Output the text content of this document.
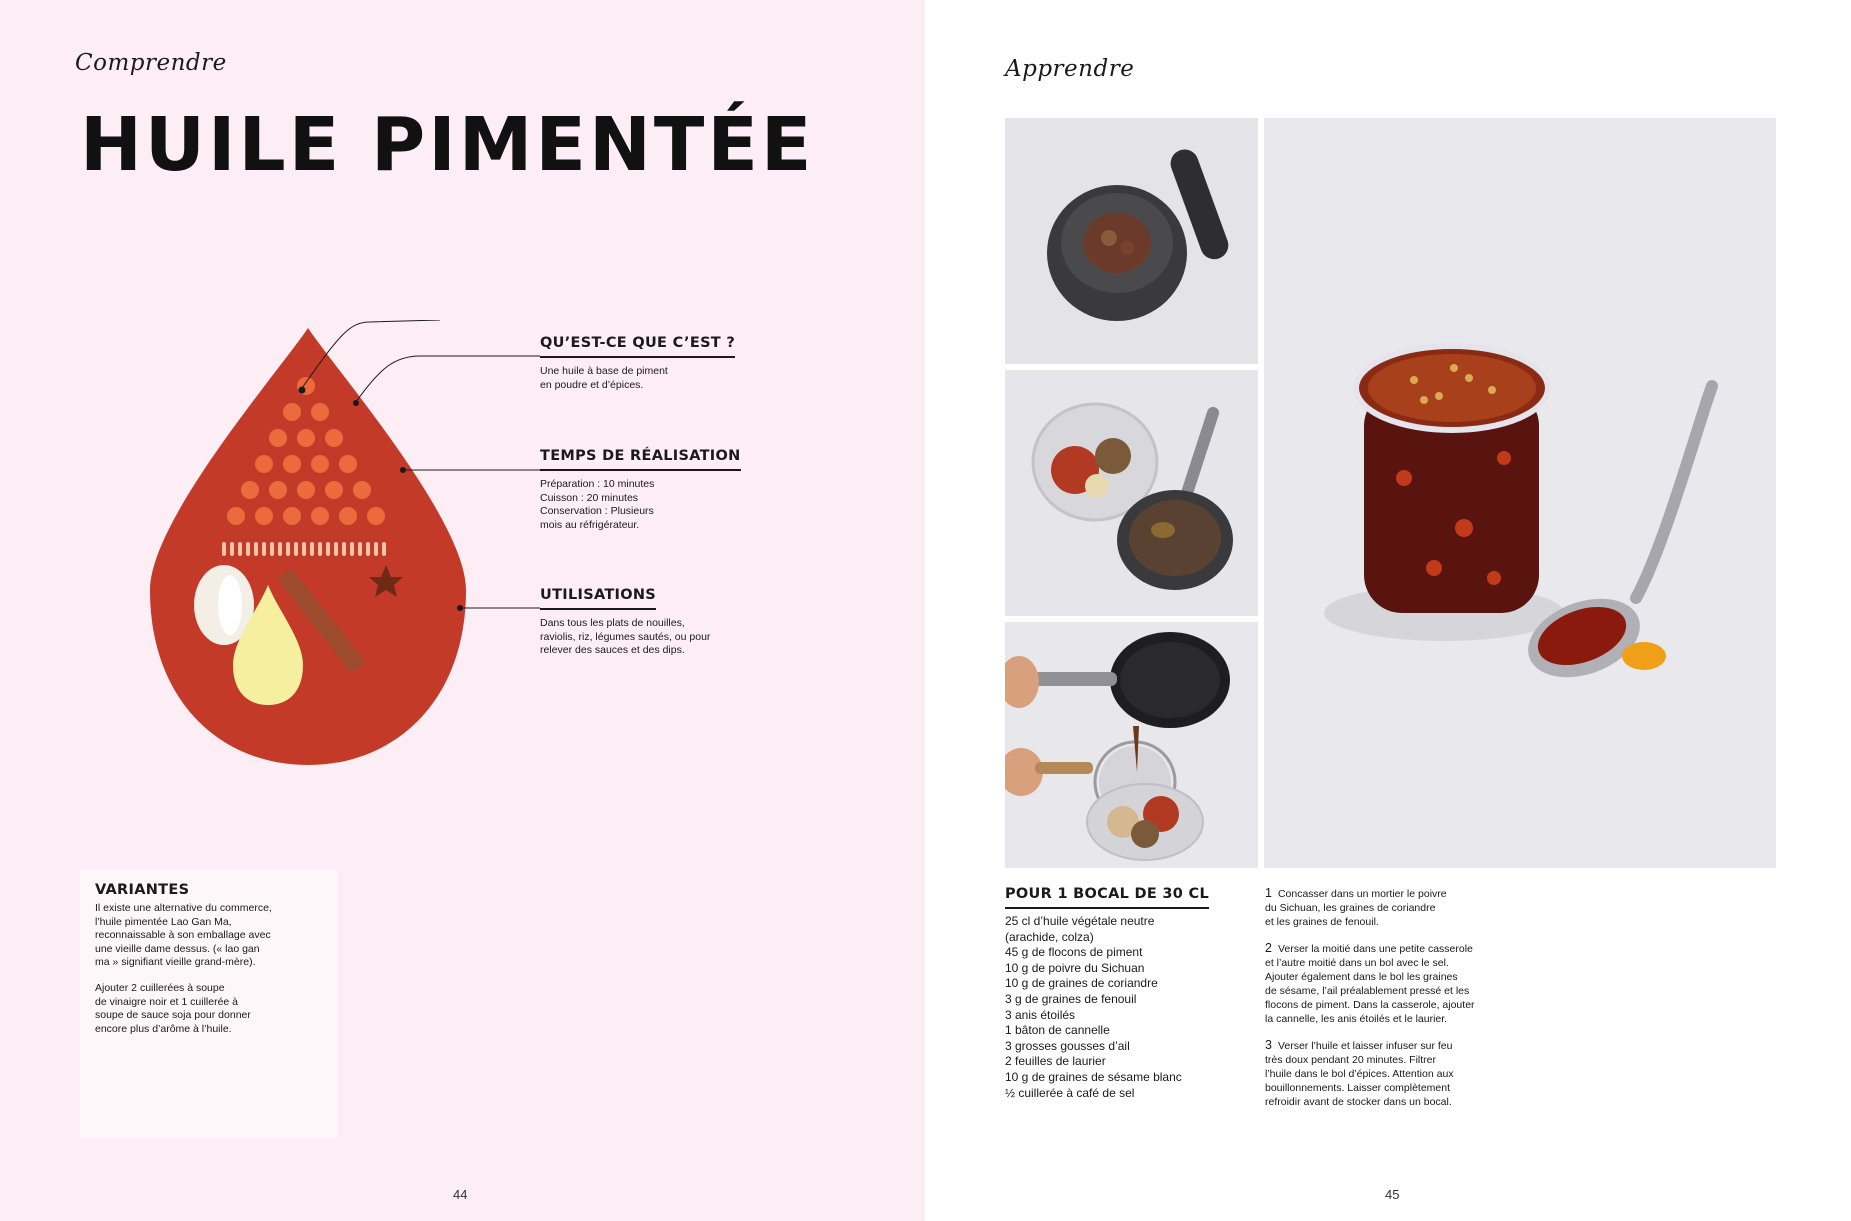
Comprendre
HUILE PIMENTÉE
QU’EST-CE QUE C’EST ?

Une huile à base de piment
en poudre et d’épices.

TEMPS DE RÉALISATION

Préparation : 10 minutes
Cuisson : 20 minutes
Conservation : Plusieurs
mois au réfrigérateur.

UTILISATIONS

Dans tous les plats de nouilles,
raviolis, riz, légumes sautés, ou pour
relever des sauces et des dips.

VARIANTES

Il existe une alternative du commerce,
l’huile pimentée Lao Gan Ma,
reconnaissable à son emballage avec
une vieille dame dessus. (« lao gan
ma » signifiant vieille grand-mère).

Ajouter 2 cuillerées à soupe
de vinaigre noir et 1 cuillerée à
soupe de sauce soja pour donner
encore plus d’arôme à l’huile.

44
Apprendre
POUR 1 BOCAL DE 30 CL
25 cl d’huile végétale neutre
(arachide, colza)
45 g de flocons de piment
10 g de poivre du Sichuan
10 g de graines de coriandre
3 g de graines de fenouil
3 anis étoilés
1 bâton de cannelle
3 grosses gousses d’ail
2 feuilles de laurier
10 g de graines de sésame blanc
½ cuillerée à café de sel

1 Concasser dans un mortier le poivre
du Sichuan, les graines de coriandre
et les graines de fenouil.

2 Verser la moitié dans une petite casserole
et l’autre moitié dans un bol avec le sel.
Ajouter également dans le bol les graines
de sésame, l’ail préalablement pressé et les
flocons de piment. Dans la casserole, ajouter
la cannelle, les anis étoilés et le laurier.

3 Verser l’huile et laisser infuser sur feu
très doux pendant 20 minutes. Filtrer
l’huile dans le bol d’épices. Attention aux
bouillonnements. Laisser complètement
refroidir avant de stocker dans un bocal.

45
